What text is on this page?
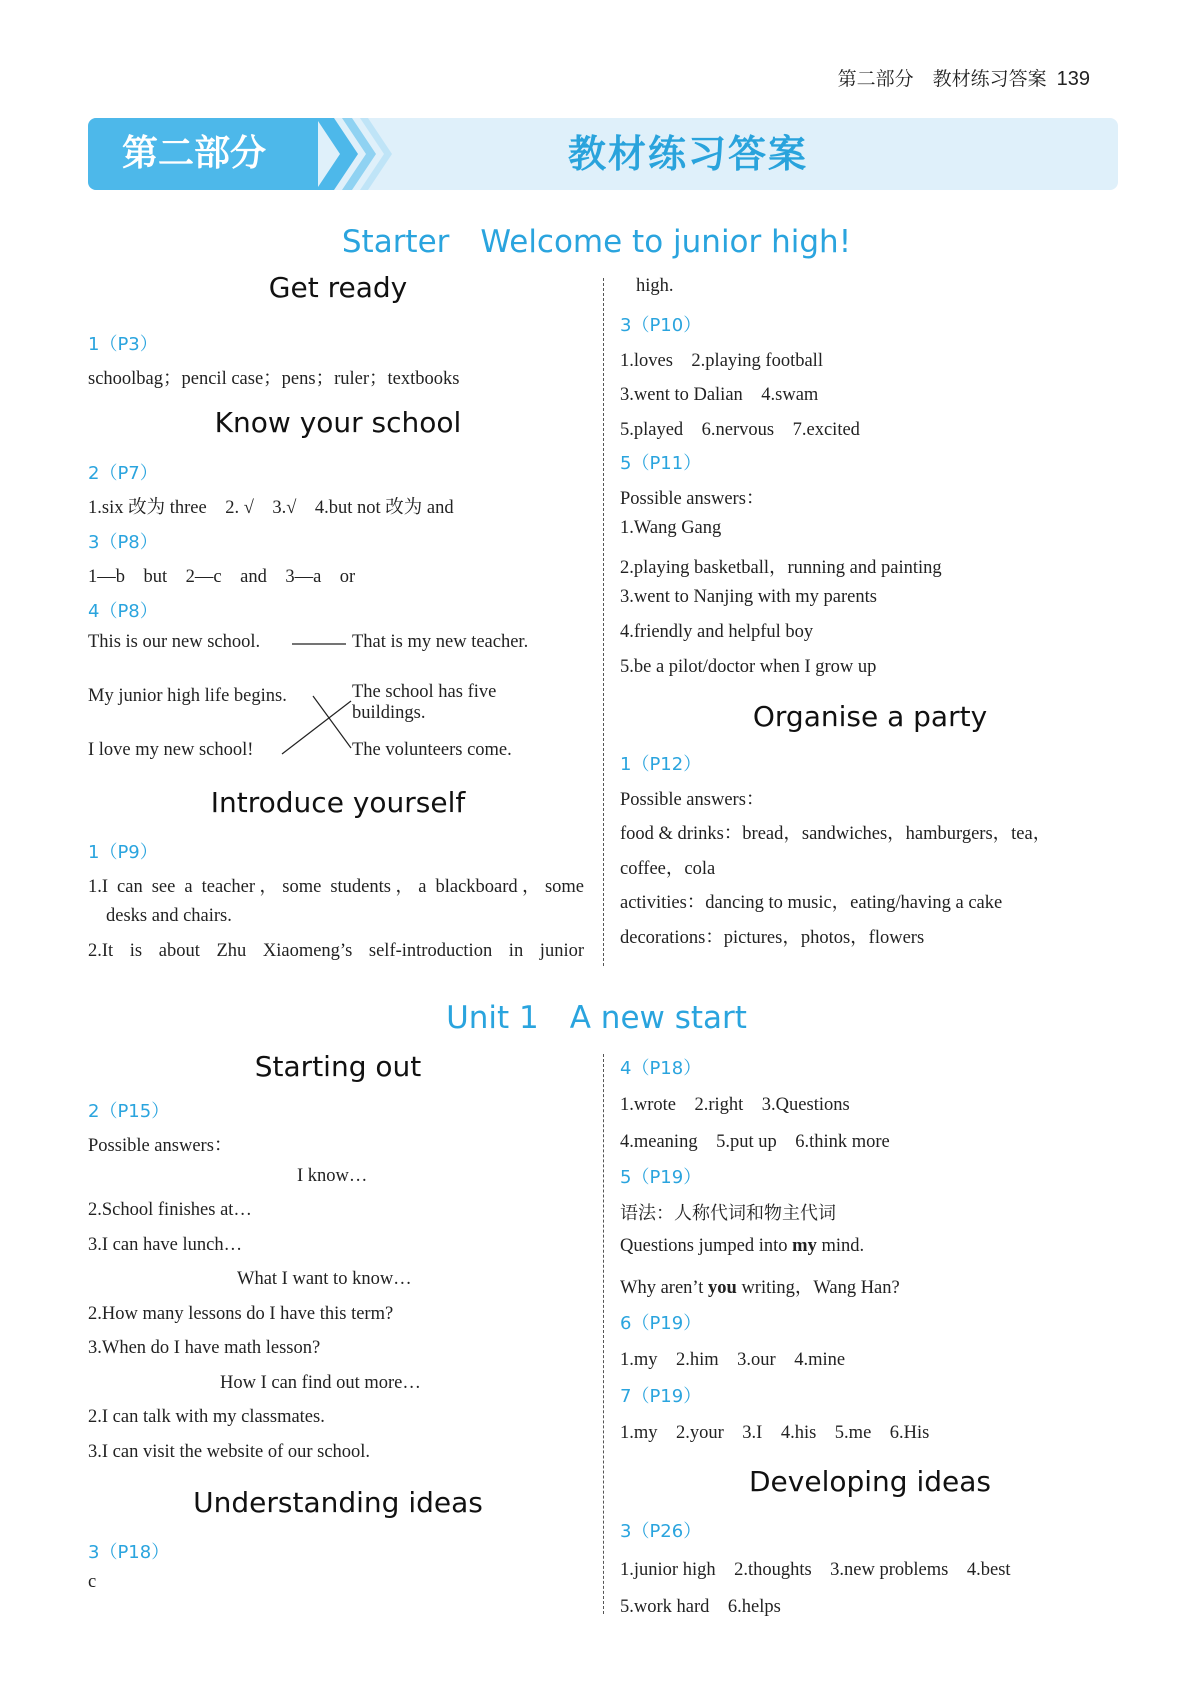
第二部分　教材练习答案 139
第二部分	教材练习答案
Starter　Welcome to junior high!
Get ready
1（P3）
schoolbag；pencil case；pens；ruler；textbooks
Know your school
2（P7）
1.six 改为 three　2. √　3.√　4.but not 改为 and
3（P8）
1—b　but　2—c　and　3—a　or
4（P8）
This is our new school.
My junior high life begins.
I love my new school!
That is my new teacher.
The school has five
buildings.
The volunteers come.
Introduce yourself
1（P9）
1.I can see a teacher，some students，a blackboard，some
desks and chairs.
2.It is about Zhu Xiaomeng’s self-introduction in junior
high.
3（P10）
1.loves　2.playing football
3.went to Dalian　4.swam
5.played　6.nervous　7.excited
5（P11）
Possible answers：
1.Wang Gang
2.playing basketball，running and painting
3.went to Nanjing with my parents
4.friendly and helpful boy
5.be a pilot/doctor when I grow up
Organise a party
1（P12）
Possible answers：
food & drinks：bread，sandwiches，hamburgers，tea，
coffee，cola
activities：dancing to music，eating/having a cake
decorations：pictures，photos，flowers
Unit 1　A new start
Starting out
2（P15）
Possible answers：
I know…
2.School finishes at…
3.I can have lunch…
What I want to know…
2.How many lessons do I have this term?
3.When do I have math lesson?
How I can find out more…
2.I can talk with my classmates.
3.I can visit the website of our school.
Understanding ideas
3（P18）
c
4（P18）
1.wrote　2.right　3.Questions
4.meaning　5.put up　6.think more
5（P19）
语法：人称代词和物主代词
Questions jumped into my mind.
Why aren’t you writing，Wang Han?
6（P19）
1.my　2.him　3.our　4.mine
7（P19）
1.my　2.your　3.I　4.his　5.me　6.His
Developing ideas
3（P26）
1.junior high　2.thoughts　3.new problems　4.best
5.work hard　6.helps
